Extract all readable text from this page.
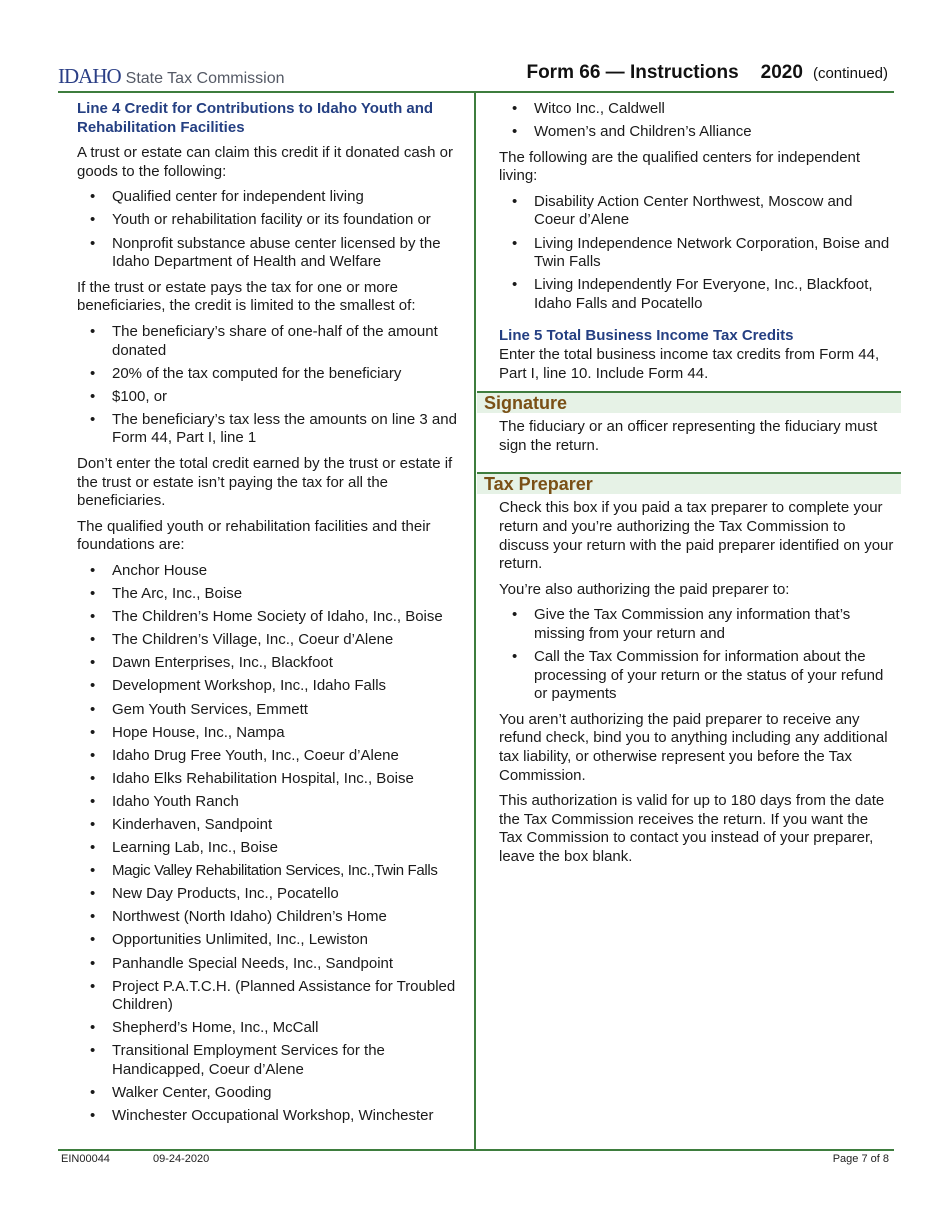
IDAHO State Tax Commission	Form 66 — Instructions 2020 (continued)
Line 4 Credit for Contributions to Idaho Youth and Rehabilitation Facilities

A trust or estate can claim this credit if it donated cash or goods to the following:

• Qualified center for independent living
• Youth or rehabilitation facility or its foundation or
• Nonprofit substance abuse center licensed by the Idaho Department of Health and Welfare

If the trust or estate pays the tax for one or more beneficiaries, the credit is limited to the smallest of:

• The beneficiary’s share of one-half of the amount donated
• 20% of the tax computed for the beneficiary
• $100, or
• The beneficiary’s tax less the amounts on line 3 and Form 44, Part I, line 1

Don’t enter the total credit earned by the trust or estate if the trust or estate isn’t paying the tax for all the beneficiaries.

The qualified youth or rehabilitation facilities and their foundations are:

• Anchor House
• The Arc, Inc., Boise
• The Children’s Home Society of Idaho, Inc., Boise
• The Children’s Village, Inc., Coeur d’Alene
• Dawn Enterprises, Inc., Blackfoot
• Development Workshop, Inc., Idaho Falls
• Gem Youth Services, Emmett
• Hope House, Inc., Nampa
• Idaho Drug Free Youth, Inc., Coeur d’Alene
• Idaho Elks Rehabilitation Hospital, Inc., Boise
• Idaho Youth Ranch
• Kinderhaven, Sandpoint
• Learning Lab, Inc., Boise
• Magic Valley Rehabilitation Services, Inc.,Twin Falls
• New Day Products, Inc., Pocatello
• Northwest (North Idaho) Children’s Home
• Opportunities Unlimited, Inc., Lewiston
• Panhandle Special Needs, Inc., Sandpoint
• Project P.A.T.C.H. (Planned Assistance for Troubled Children)
• Shepherd’s Home, Inc., McCall
• Transitional Employment Services for the Handicapped, Coeur d’Alene
• Walker Center, Gooding
• Winchester Occupational Workshop, Winchester
• Witco Inc., Caldwell
• Women’s and Children’s Alliance

The following are the qualified centers for independent living:

• Disability Action Center Northwest, Moscow and Coeur d’Alene
• Living Independence Network Corporation, Boise and Twin Falls
• Living Independently For Everyone, Inc., Blackfoot, Idaho Falls and Pocatello
Line 5 Total Business Income Tax Credits

Enter the total business income tax credits from Form 44, Part I, line 10. Include Form 44.

Signature

The fiduciary or an officer representing the fiduciary must sign the return.

Tax Preparer

Check this box if you paid a tax preparer to complete your return and you’re authorizing the Tax Commission to discuss your return with the paid preparer identified on your return.

You’re also authorizing the paid preparer to:

• Give the Tax Commission any information that’s missing from your return and
• Call the Tax Commission for information about the processing of your return or the status of your refund or payments

You aren’t authorizing the paid preparer to receive any refund check, bind you to anything including any additional tax liability, or otherwise represent you before the Tax Commission.

This authorization is valid for up to 180 days from the date the Tax Commission receives the return. If you want the Tax Commission to contact you instead of your preparer, leave the box blank.

EIN00044	09-24-2020	Page 7 of 8
